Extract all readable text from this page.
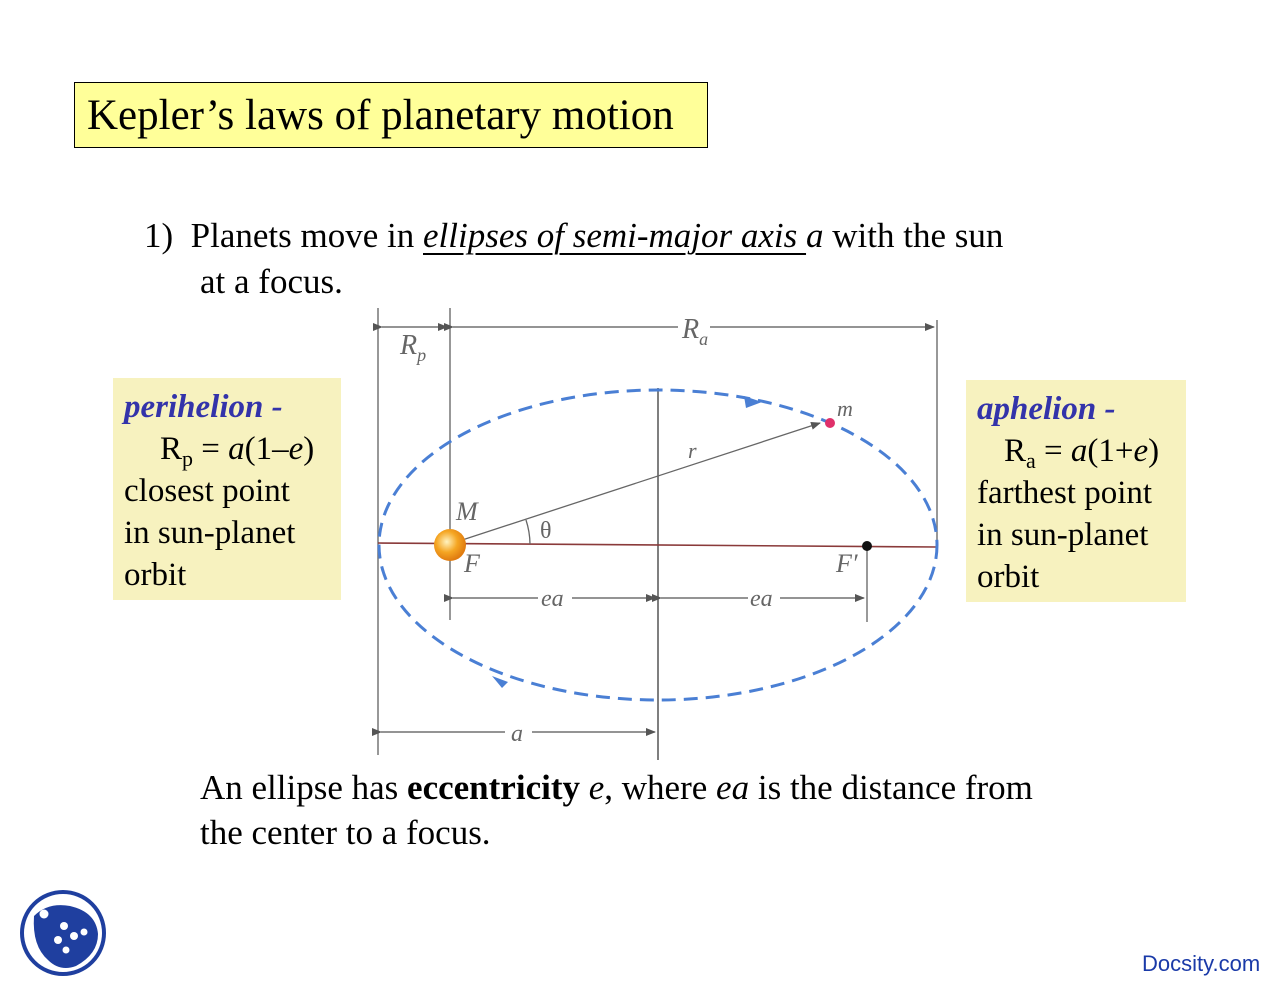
Kepler’s laws of planetary motion
1) Planets move in ellipses of semi-major axis a with the sun
at a focus.
perihelion -
$R_p = a(1-e)$
closest point
in sun-planet
orbit
aphelion -
$R_a = a(1+e)$
farthest point
in sun-planet
orbit
$R_p$
$R_a$
m
r
M
θ
F	F′
ea	ea
a
An ellipse has eccentricity e, where ea is the distance from
the center to a focus.
Docsity.com
